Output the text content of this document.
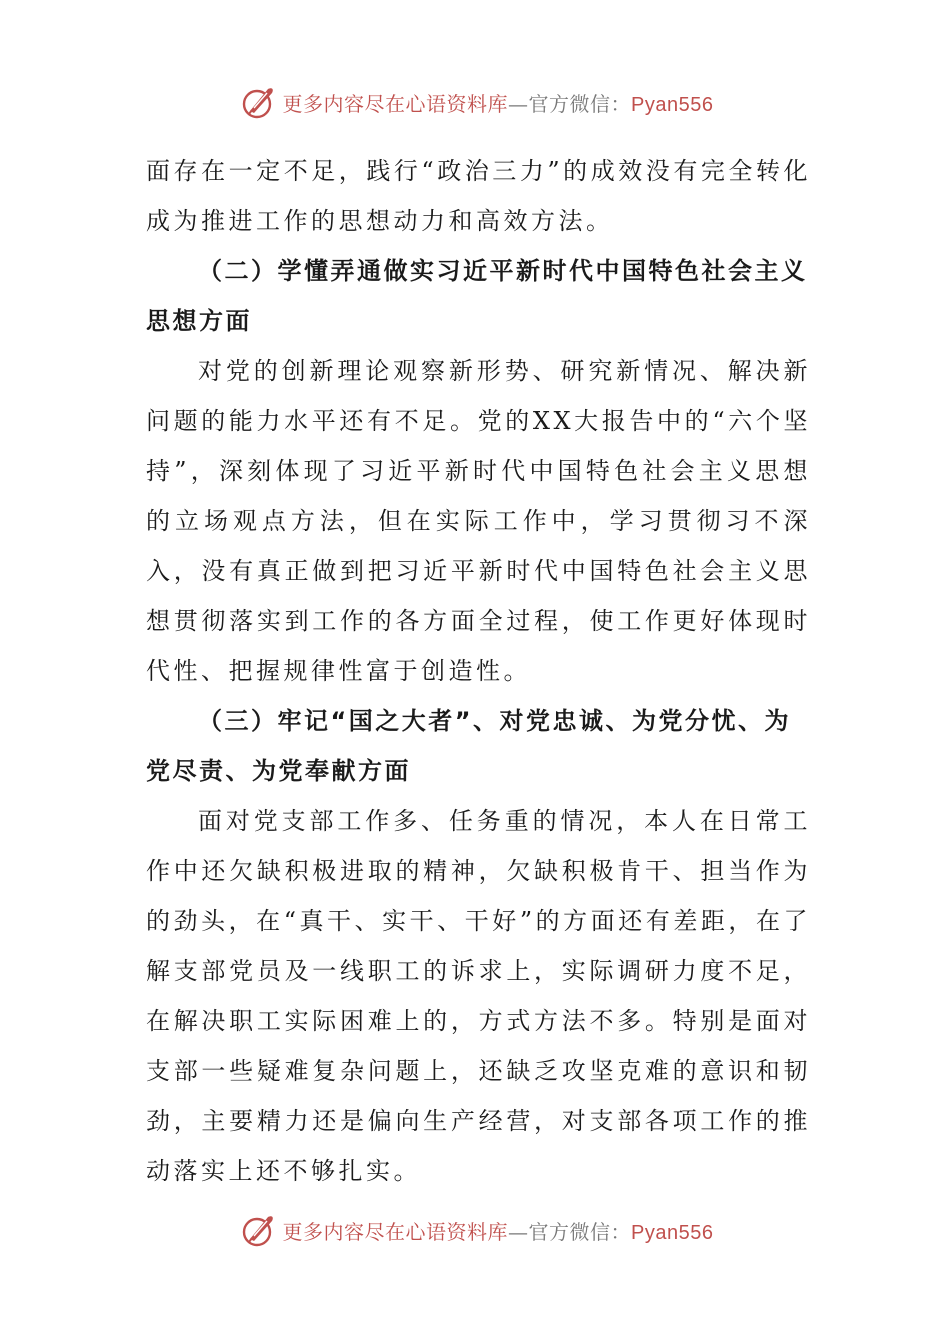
更多内容尽在心语资料库—官方微信：Pyan556

面存在一定不足，践行“政治三力”的成效没有完全转化成为推进工作的思想动力和高效方法。

（二）学懂弄通做实习近平新时代中国特色社会主义思想方面

对党的创新理论观察新形势、研究新情况、解决新问题的能力水平还有不足。党的XX大报告中的“六个坚持”，深刻体现了习近平新时代中国特色社会主义思想的立场观点方法，但在实际工作中，学习贯彻习不深入，没有真正做到把习近平新时代中国特色社会主义思想贯彻落实到工作的各方面全过程，使工作更好体现时代性、把握规律性富于创造性。

（三）牢记“国之大者”、对党忠诚、为党分忧、为党尽责、为党奉献方面

面对党支部工作多、任务重的情况，本人在日常工作中还欠缺积极进取的精神，欠缺积极肯干、担当作为的劲头，在“真干、实干、干好”的方面还有差距，在了解支部党员及一线职工的诉求上，实际调研力度不足，在解决职工实际困难上的，方式方法不多。特别是面对支部一些疑难复杂问题上，还缺乏攻坚克难的意识和韧劲，主要精力还是偏向生产经营，对支部各项工作的推动落实上还不够扎实。

更多内容尽在心语资料库—官方微信：Pyan556
